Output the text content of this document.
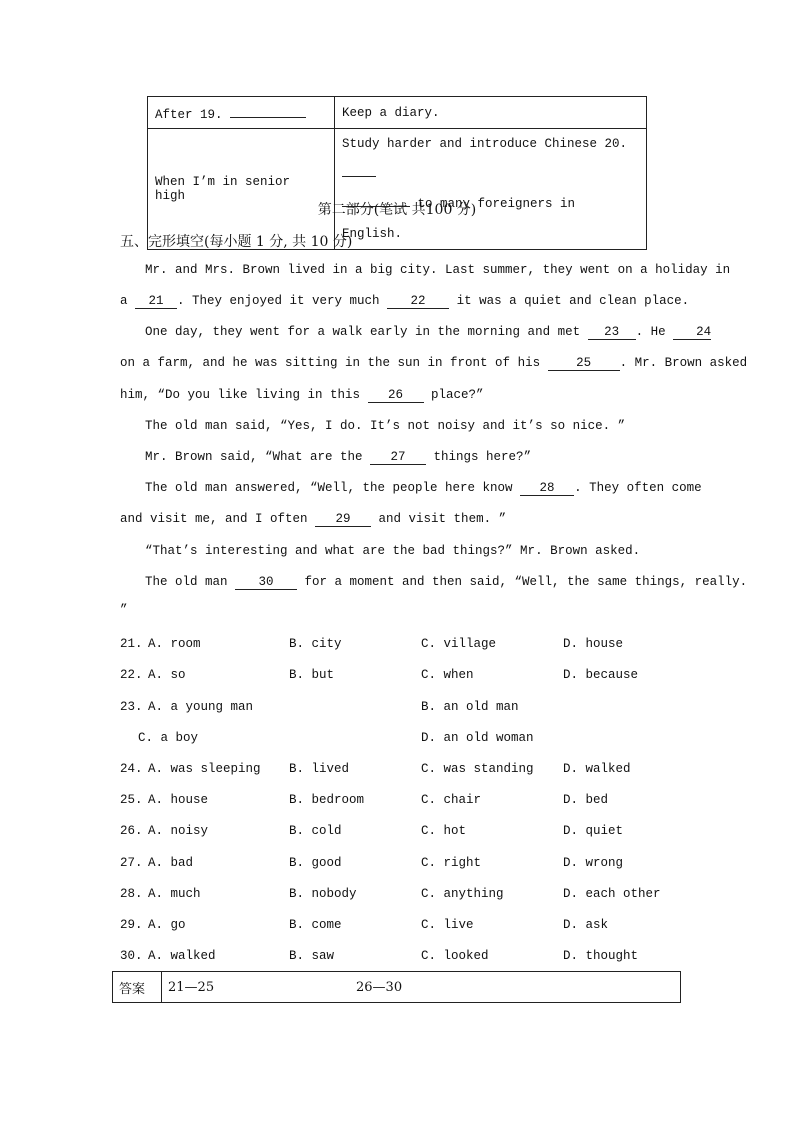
After 19.	Keep a diary.
When I’m in senior high	Study harder and introduce Chinese 20.
to many foreigners in English.
第二部分(笔试 共100 分)
五、完形填空(每小题 1 分, 共 10 分)
Mr. and Mrs. Brown lived in a big city. Last summer, they went on a holiday in
a 21 . They enjoyed it very much 22 it was a quiet and clean place.
One day, they went for a walk early in the morning and met 23 . He 24
on a farm, and he was sitting in the sun in front of his 25 . Mr. Brown asked
him, “Do you like living in this 26 place?”
The old man said, “Yes, I do. It’s not noisy and it’s so nice. ”
Mr. Brown said, “What are the 27 things here?”
The old man answered, “Well, the people here know 28 . They often come
and visit me, and I often 29 and visit them. ”
“That’s interesting and what are the bad things?” Mr. Brown asked.
The old man 30 for a moment and then said, “Well, the same things, really.
”
21. A. room	B. city	C. village	D. house
22. A. so	B. but	C. when	D. because
23. A. a young man	B. an old man
C. a boy	D. an old woman
24. A. was sleeping B. lived	C. was standing D. walked
25. A. house	B. bedroom	C. chair	D. bed
26. A. noisy	B. cold	C. hot	D. quiet
27. A. bad	B. good	C. right	D. wrong
28. A. much	B. nobody	C. anything	D. each other
29. A. go	B. come	C. live	D. ask
30. A. walked	B. saw	C. looked	D. thought
答案	21—25	26—30
